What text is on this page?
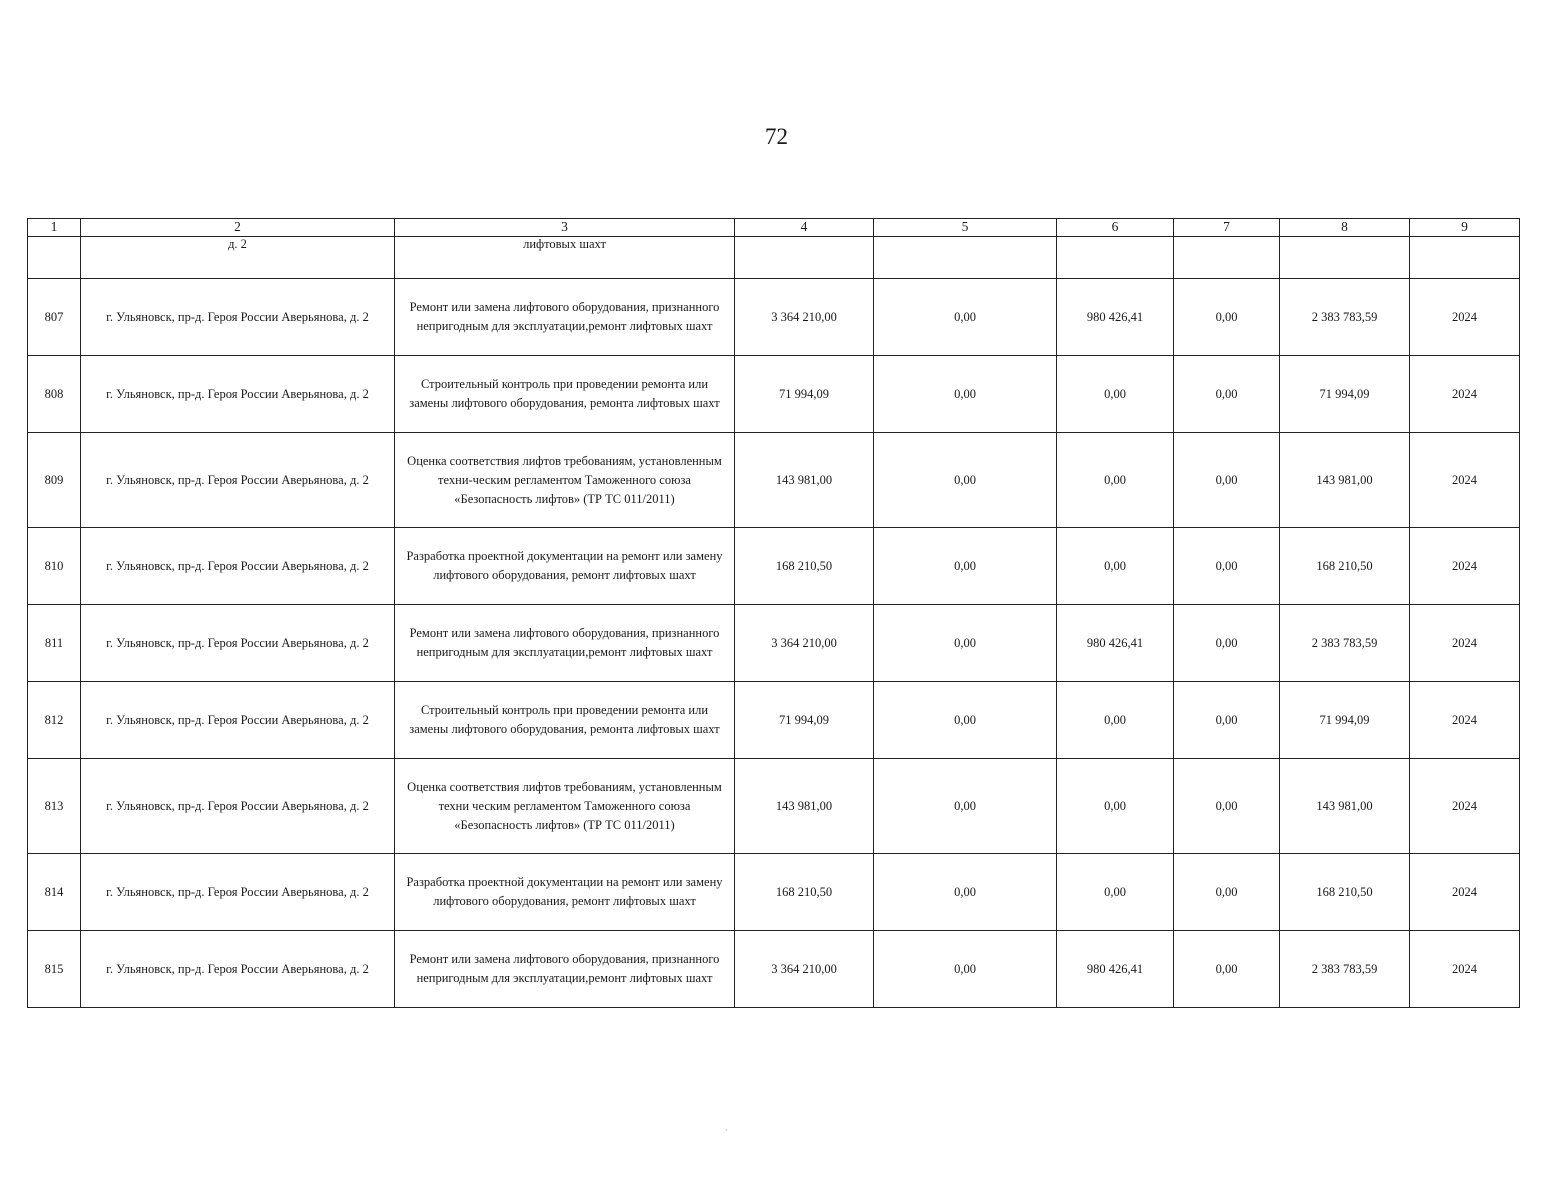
72
1	2	3	4	5	6	7	8	9
	д. 2	лифтовых шахт						
807	г. Ульяновск, пр-д. Героя России Аверьянова, д. 2	Ремонт или замена лифтового оборудования, признанного непригодным для эксплуатации,ремонт лифтовых шахт	3 364 210,00	0,00	980 426,41	0,00	2 383 783,59	2024
808	г. Ульяновск, пр-д. Героя России Аверьянова, д. 2	Строительный контроль при проведении ремонта или замены лифтового оборудования, ремонта лифтовых шахт	71 994,09	0,00	0,00	0,00	71 994,09	2024
809	г. Ульяновск, пр-д. Героя России Аверьянова, д. 2	Оценка соответствия лифтов требованиям, установленным техни-ческим регламентом Таможенного союза «Безопасность лифтов» (ТР ТС 011/2011)	143 981,00	0,00	0,00	0,00	143 981,00	2024
810	г. Ульяновск, пр-д. Героя России Аверьянова, д. 2	Разработка проектной документации на ремонт или замену лифтового оборудования, ремонт лифтовых шахт	168 210,50	0,00	0,00	0,00	168 210,50	2024
811	г. Ульяновск, пр-д. Героя России Аверьянова, д. 2	Ремонт или замена лифтового оборудования, признанного непригодным для эксплуатации,ремонт лифтовых шахт	3 364 210,00	0,00	980 426,41	0,00	2 383 783,59	2024
812	г. Ульяновск, пр-д. Героя России Аверьянова, д. 2	Строительный контроль при проведении ремонта или замены лифтового оборудования, ремонта лифтовых шахт	71 994,09	0,00	0,00	0,00	71 994,09	2024
813	г. Ульяновск, пр-д. Героя России Аверьянова, д. 2	Оценка соответствия лифтов требованиям, установленным техни ческим регламентом Таможенного союза «Безопасность лифтов» (ТР ТС 011/2011)	143 981,00	0,00	0,00	0,00	143 981,00	2024
814	г. Ульяновск, пр-д. Героя России Аверьянова, д. 2	Разработка проектной документации на ремонт или замену лифтового оборудования, ремонт лифтовых шахт	168 210,50	0,00	0,00	0,00	168 210,50	2024
815	г. Ульяновск, пр-д. Героя России Аверьянова, д. 2	Ремонт или замена лифтового оборудования, признанного непригодным для эксплуатации,ремонт лифтовых шахт	3 364 210,00	0,00	980 426,41	0,00	2 383 783,59	2024
·
